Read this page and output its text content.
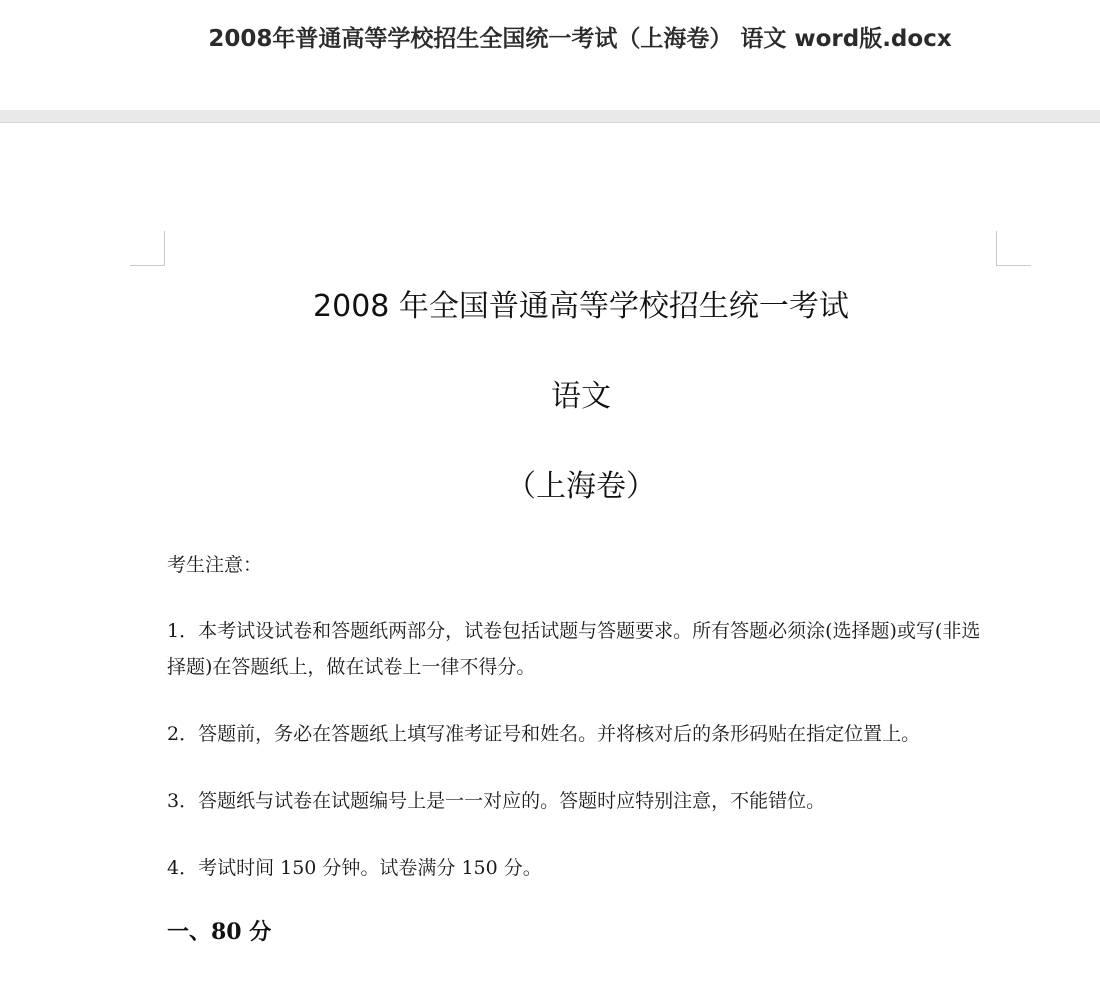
2008年普通高等学校招生全国统一考试（上海卷） 语文 word版.docx
2008 年全国普通高等学校招生统一考试
语文
（上海卷）
考生注意：
1．本考试设试卷和答题纸两部分，试卷包括试题与答题要求。所有答题必须涂(选择题)或写(非选择题)在答题纸上，做在试卷上一律不得分。
2．答题前，务必在答题纸上填写准考证号和姓名。并将核对后的条形码贴在指定位置上。
3．答题纸与试卷在试题编号上是一一对应的。答题时应特别注意，不能错位。
4．考试时间 150 分钟。试卷满分 150 分。
一、80 分
